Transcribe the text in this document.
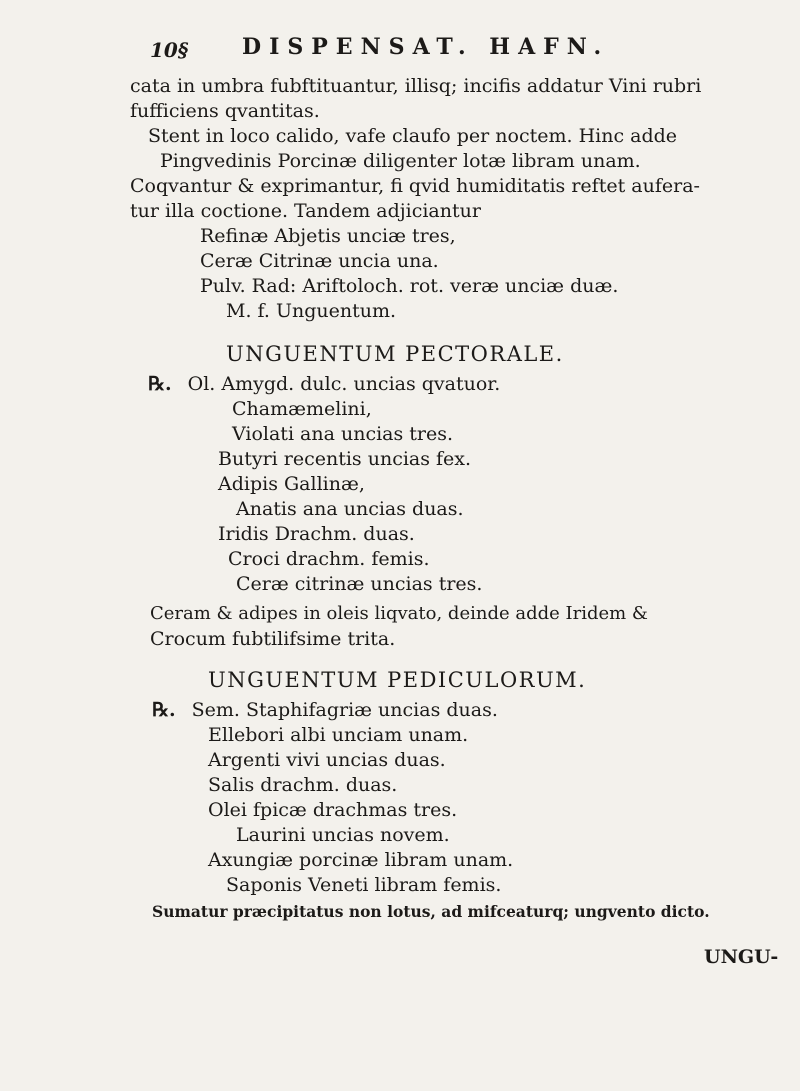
10§ DISPENSAT. HAFN.
cata in umbra fubftituantur, illisq; incifis addatur Vini rubri
fufficiens qvantitas.
Stent in loco calido, vafe claufo per noctem. Hinc adde
Pingvedinis Porcinæ diligenter lotæ libram unam.
Coqvantur & exprimantur, fi qvid humiditatis reftet aufera-
tur illa coctione. Tandem adjiciantur
Refinæ Abjetis unciæ tres,
Ceræ Citrinæ uncia una.
Pulv. Rad: Ariftoloch. rot. veræ unciæ duæ.
M. f. Unguentum.
UNGUENTUM PECTORALE.
℞. Ol. Amygd. dulc. uncias qvatuor.
Chamæmelini,
Violati ana uncias tres.
Butyri recentis uncias fex.
Adipis Gallinæ,
Anatis ana uncias duas.
Iridis Drachm. duas.
Croci drachm. femis.
Ceræ citrinæ uncias tres.
Ceram & adipes in oleis liqvato, deinde adde Iridem &
Crocum fubtilifsime trita.
UNGUENTUM PEDICULORUM.
℞. Sem. Staphifagriæ uncias duas.
Ellebori albi unciam unam.
Argenti vivi uncias duas.
Salis drachm. duas.
Olei fpicæ drachmas tres.
Laurini uncias novem.
Axungiæ porcinæ libram unam.
Saponis Veneti libram femis.
Sumatur præcipitatus non lotus, ad mifceaturq; ungvento dicto.
UNGU-
